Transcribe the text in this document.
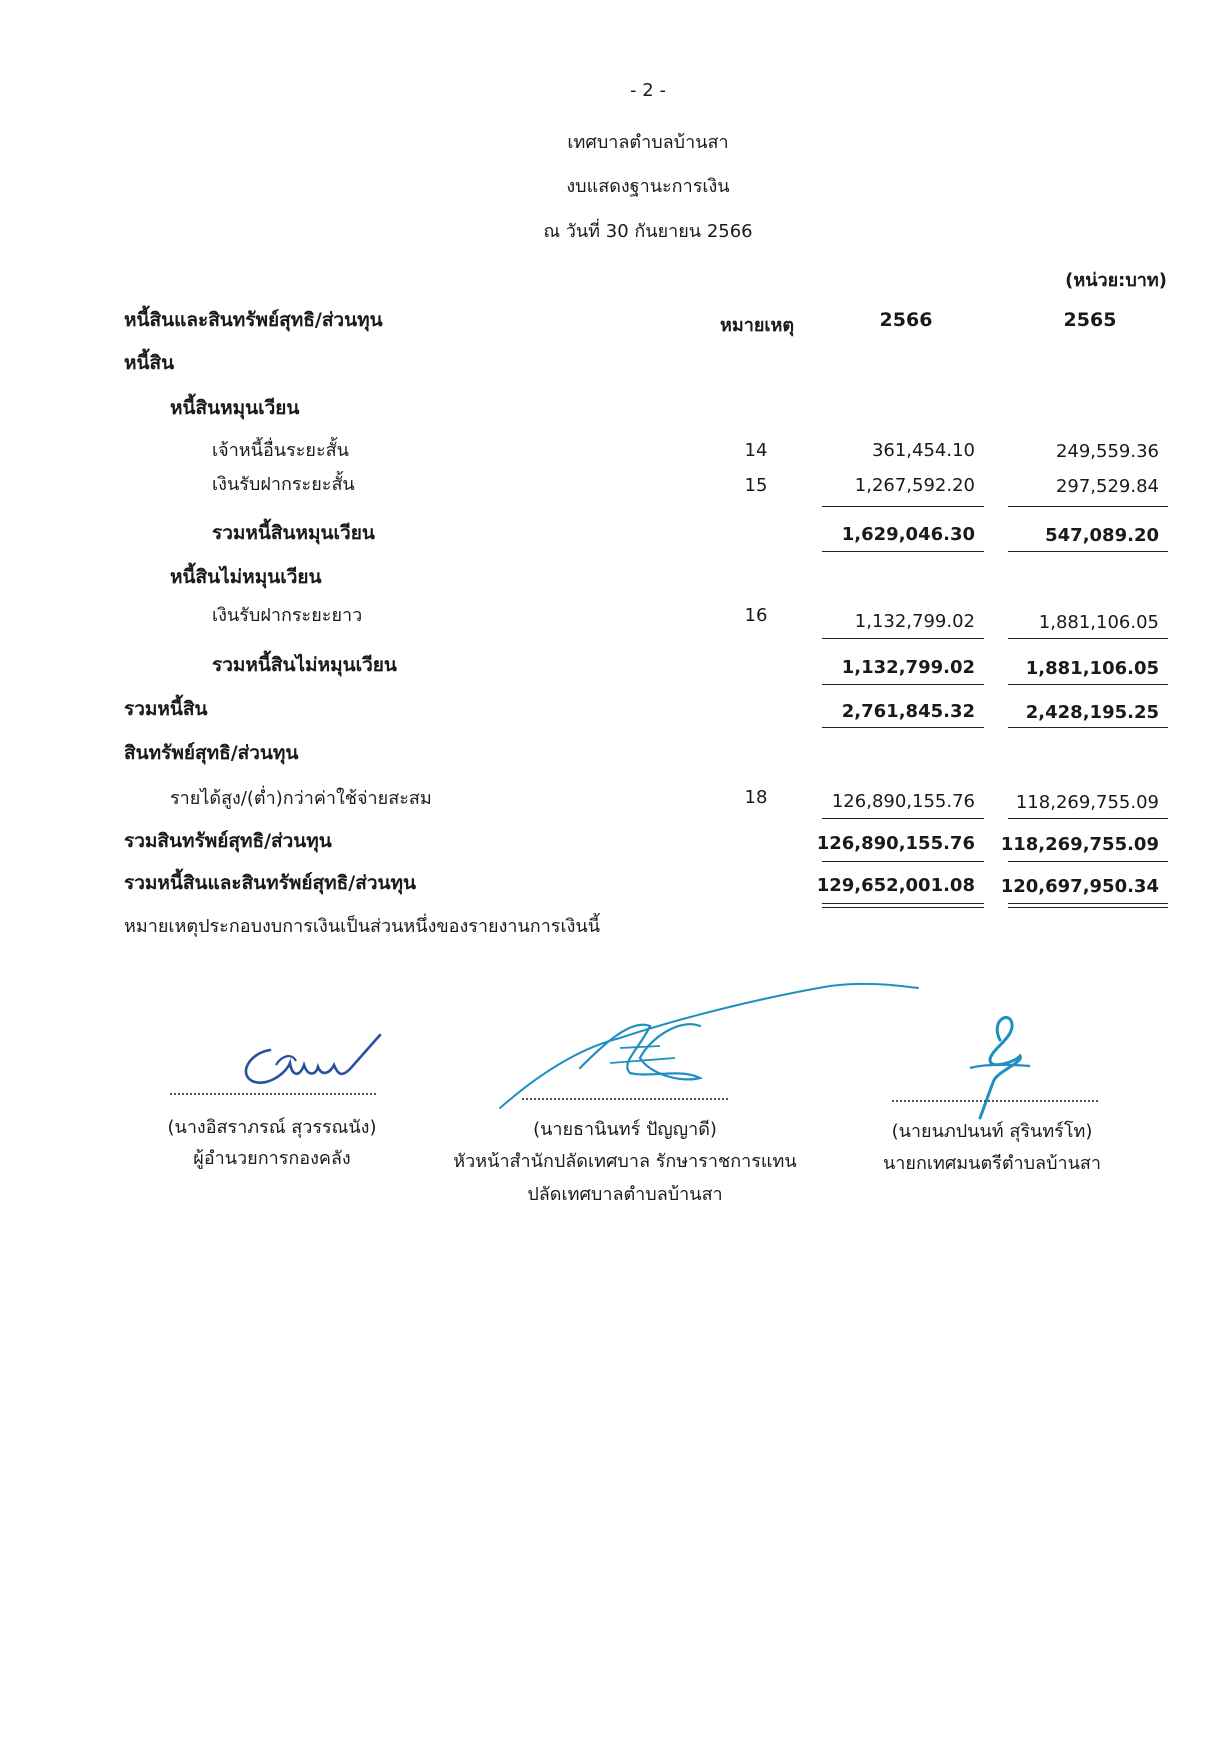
- 2 -
เทศบาลตำบลบ้านสา
งบแสดงฐานะการเงิน
ณ วันที่ 30 กันยายน 2566
(หน่วย:บาท)
หนี้สินและสินทรัพย์สุทธิ/ส่วนทุน	หมายเหตุ	2566	2565
หนี้สิน
หนี้สินหมุนเวียน
เจ้าหนี้อื่นระยะสั้น	14	361,454.10	249,559.36
เงินรับฝากระยะสั้น	15	1,267,592.20	297,529.84
รวมหนี้สินหมุนเวียน	1,629,046.30	547,089.20
หนี้สินไม่หมุนเวียน
เงินรับฝากระยะยาว	16	1,132,799.02	1,881,106.05
รวมหนี้สินไม่หมุนเวียน	1,132,799.02	1,881,106.05
รวมหนี้สิน	2,761,845.32	2,428,195.25
สินทรัพย์สุทธิ/ส่วนทุน
รายได้สูง/(ต่ำ)กว่าค่าใช้จ่ายสะสม	18	126,890,155.76 118,269,755.09
รวมสินทรัพย์สุทธิ/ส่วนทุน	126,890,155.76 118,269,755.09
รวมหนี้สินและสินทรัพย์สุทธิ/ส่วนทุน	129,652,001.08 120,697,950.34
หมายเหตุประกอบงบการเงินเป็นส่วนหนึ่งของรายงานการเงินนี้
(นางอิสราภรณ์ สุวรรณนัง)
ผู้อำนวยการกองคลัง
(นายธานินทร์ ปัญญาดี)
หัวหน้าสำนักปลัดเทศบาล รักษาราชการแทน
ปลัดเทศบาลตำบลบ้านสา
(นายนภปนนท์ สุรินทร์โท)
นายกเทศมนตรีตำบลบ้านสา
